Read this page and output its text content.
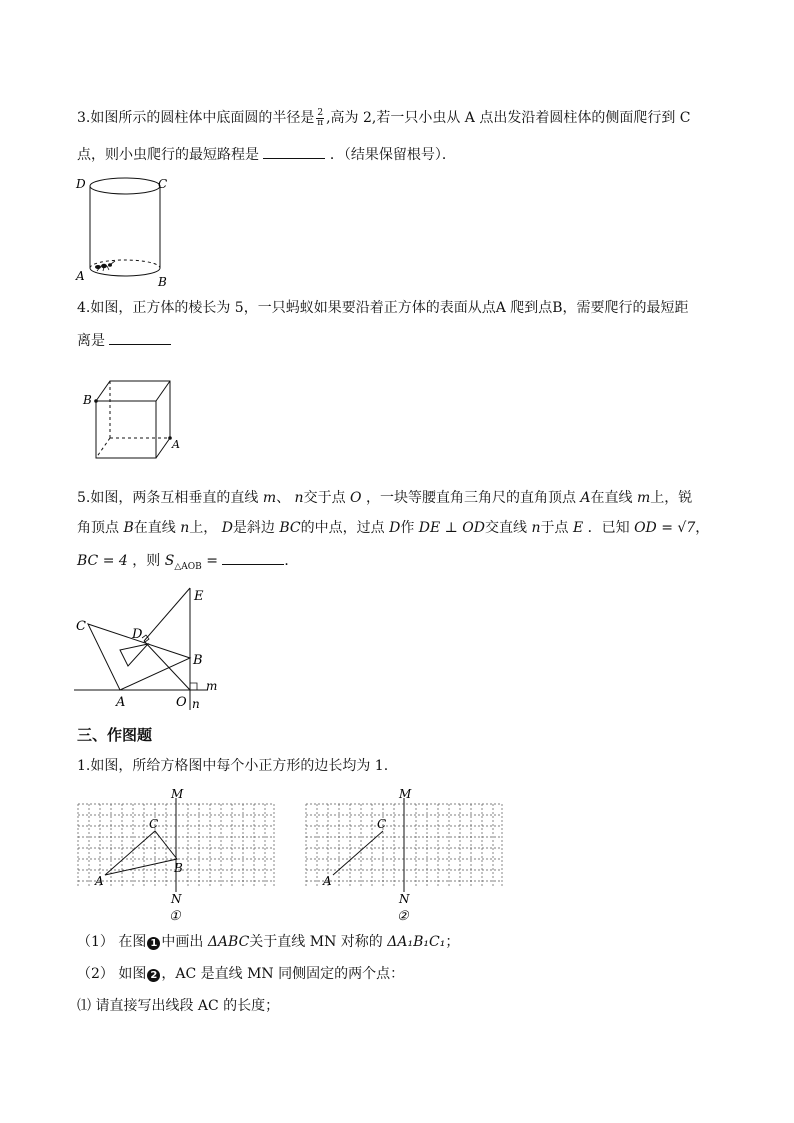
3.如图所示的圆柱体中底面圆的半径是 $\frac{2}{\pi}$ ,高为 2,若一只小虫从 A 点出发沿着圆柱体的侧面爬行到 C
点，则小虫爬行的最短路程是	．（结果保留根号）．
D	C
A	B
4.如图，正方体的棱长为 5，一只蚂蚁如果要沿着正方体的表面从点A 爬到点B，需要爬行的最短距
离是
B
A
5.如图，两条互相垂直的直线 m、 n交于点 O ，一块等腰直角三角尺的直角顶点 A在直线 m上，锐
角顶点 B在直线 n上， D是斜边 BC的中点，过点 D作 DE ⊥ OD交直线 n于点 E ．已知 OD = √7，
BC = 4 ，则 $S_{\triangle AOB}$ =	．
C
D
E
B
A	O n
m
三、作图题
1.如图，所给方格图中每个小正方形的边长均为 1.
M
N
A
B
C
①
M
N
A
C
②
（1） 在图 1 中画出 ΔABC关于直线 MN 对称的 ΔA₁B₁C₁；
（2） 如图 2 ，AC 是直线 MN 同侧固定的两个点：
⑴ 请直接写出线段 AC 的长度；
